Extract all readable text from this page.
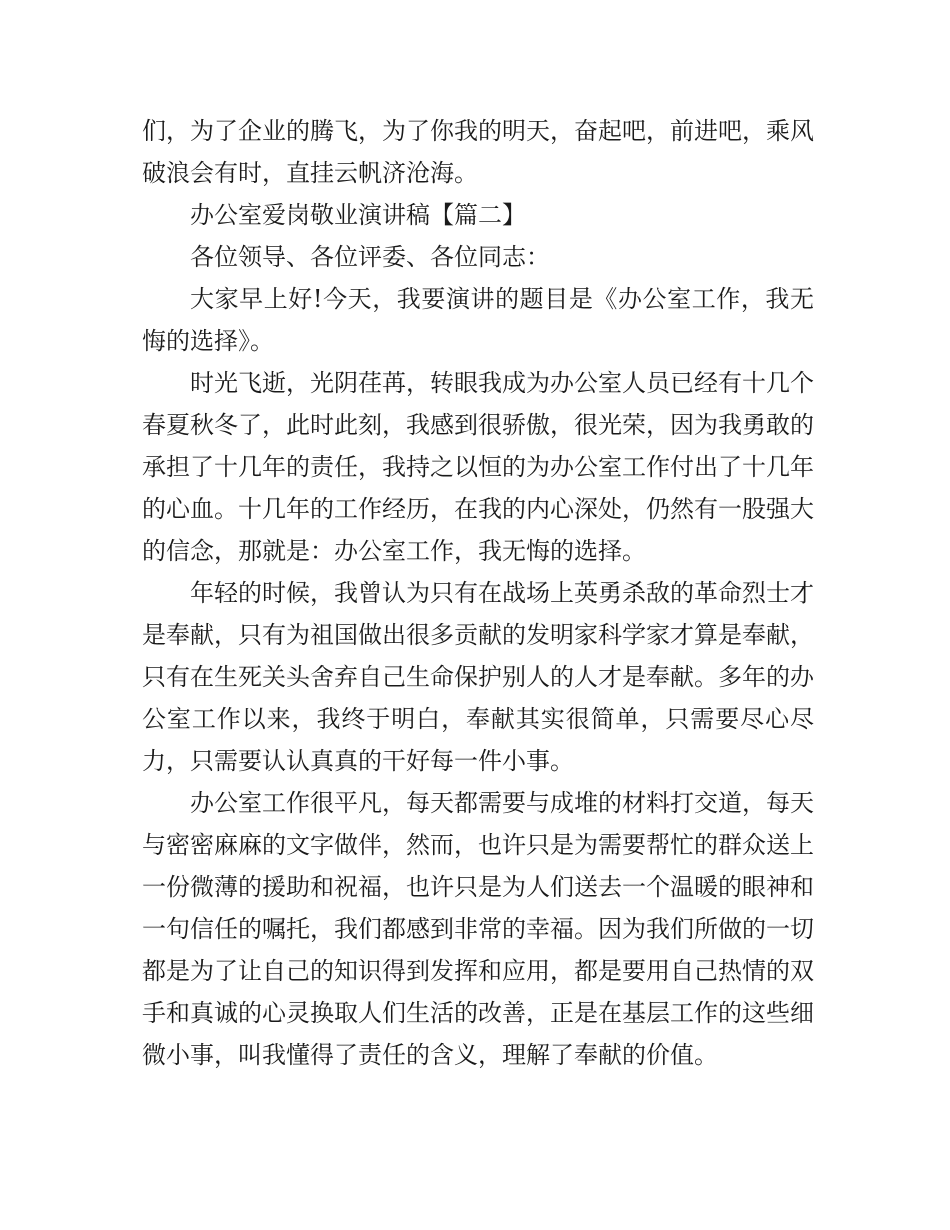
们，为了企业的腾飞，为了你我的明天，奋起吧，前进吧，乘风破浪会有时，直挂云帆济沧海。

办公室爱岗敬业演讲稿【篇二】

各位领导、各位评委、各位同志：

大家早上好!今天，我要演讲的题目是《办公室工作，我无悔的选择》。

时光飞逝，光阴荏苒，转眼我成为办公室人员已经有十几个春夏秋冬了，此时此刻，我感到很骄傲，很光荣，因为我勇敢的承担了十几年的责任，我持之以恒的为办公室工作付出了十几年的心血。十几年的工作经历，在我的内心深处，仍然有一股强大的信念，那就是：办公室工作，我无悔的选择。

年轻的时候，我曾认为只有在战场上英勇杀敌的革命烈士才是奉献，只有为祖国做出很多贡献的发明家科学家才算是奉献，只有在生死关头舍弃自己生命保护别人的人才是奉献。多年的办公室工作以来，我终于明白，奉献其实很简单，只需要尽心尽力，只需要认认真真的干好每一件小事。

办公室工作很平凡，每天都需要与成堆的材料打交道，每天与密密麻麻的文字做伴，然而，也许只是为需要帮忙的群众送上一份微薄的援助和祝福，也许只是为人们送去一个温暖的眼神和一句信任的嘱托，我们都感到非常的幸福。因为我们所做的一切都是为了让自己的知识得到发挥和应用，都是要用自己热情的双手和真诚的心灵换取人们生活的改善，正是在基层工作的这些细微小事，叫我懂得了责任的含义，理解了奉献的价值。
